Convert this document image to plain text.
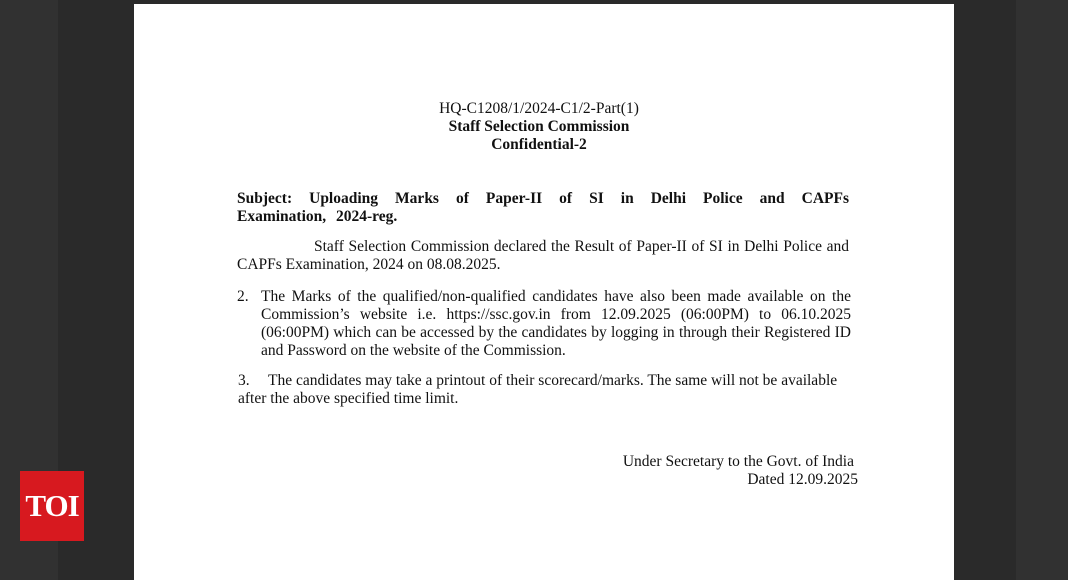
HQ-C1208/1/2024-C1/2-Part(1)
Staff Selection Commission
Confidential-2
Subject: Uploading Marks of Paper-II of SI in Delhi Police and CAPFs Examination, 2024-reg.
Staff Selection Commission declared the Result of Paper-II of SI in Delhi Police and CAPFs Examination, 2024 on 08.08.2025.
2. The Marks of the qualified/non-qualified candidates have also been made available on the Commission’s website i.e. https://ssc.gov.in from 12.09.2025 (06:00PM) to 06.10.2025 (06:00PM) which can be accessed by the candidates by logging in through their Registered ID and Password on the website of the Commission.
3. The candidates may take a printout of their scorecard/marks. The same will not be available after the above specified time limit.
Under Secretary to the Govt. of India
Dated 12.09.2025
TOI
